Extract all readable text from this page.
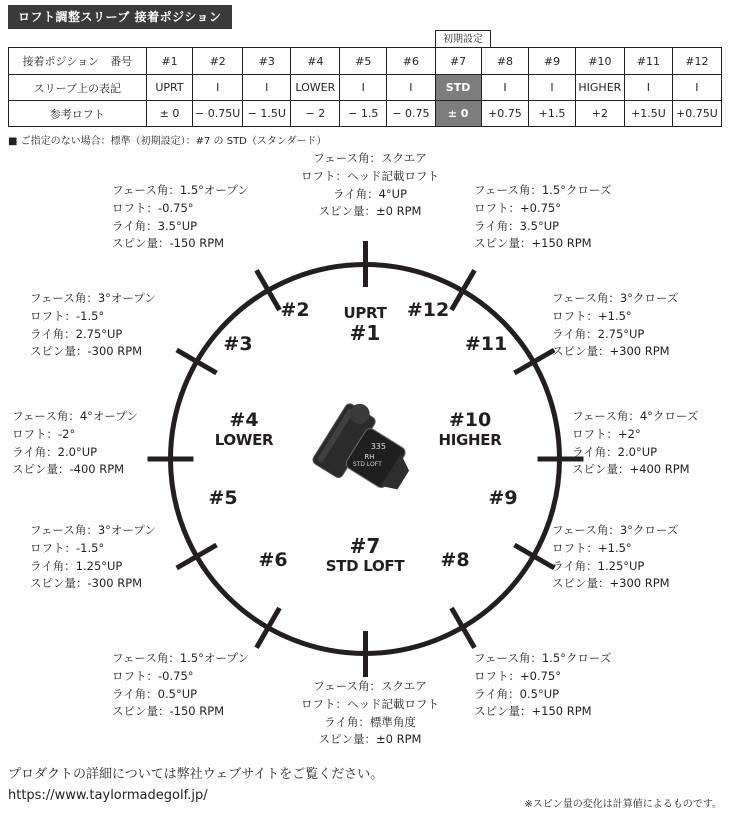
ロフト調整スリーブ 接着ポジション
初期設定
接着ポジション　番号	#1	#2	#3	#4	#5	#6	#7	#8	#9	#10	#11	#12
スリーブ上の表記	UPRT	I	I	LOWER	I	I	STD	I	I	HIGHER	I	I
参考ロフト	± 0	− 0.75U	− 1.5U	− 2	− 1.5	− 0.75	± 0	+0.75	+1.5	+2	+1.5U	+0.75U
■ ご指定のない場合：標準（初期設定）：#7 の STD（スタンダード）
UPRT
#1
#2
#3
#4
LOWER
#5
#6
#7
STD LOFT	#8
#9
#10
HIGHER
#11
#12
335
RH
STD LOFT
フェース角：スクエア
ロフト：ヘッド記載ロフト
ライ角：4°UP
スピン量：±0 RPM
フェース角：1.5°オープン
ロフト：-0.75°
ライ角：3.5°UP
スピン量：-150 RPM
フェース角：1.5°クローズ
ロフト：+0.75°
ライ角：3.5°UP
スピン量：+150 RPM
フェース角：3°オープン
ロフト：-1.5°
ライ角：2.75°UP
スピン量：-300 RPM
フェース角：3°クローズ
ロフト：+1.5°
ライ角：2.75°UP
スピン量：+300 RPM
フェース角：4°オープン
ロフト：-2°
ライ角：2.0°UP
スピン量：-400 RPM
フェース角：4°クローズ
ロフト：+2°
ライ角：2.0°UP
スピン量：+400 RPM
フェース角：3°オープン
ロフト：-1.5°
ライ角：1.25°UP
スピン量：-300 RPM
フェース角：3°クローズ
ロフト：+1.5°
ライ角：1.25°UP
スピン量：+300 RPM
フェース角：1.5°オープン
ロフト：-0.75°
ライ角：0.5°UP
スピン量：-150 RPM
フェース角：1.5°クローズ
ロフト：+0.75°
ライ角：0.5°UP
スピン量：+150 RPM
フェース角：スクエア
ロフト：ヘッド記載ロフト
ライ角：標準角度
スピン量：±0 RPM
プロダクトの詳細については弊社ウェブサイトをご覧ください。
https://www.taylormadegolf.jp/
※スピン量の変化は計算値によるものです。
